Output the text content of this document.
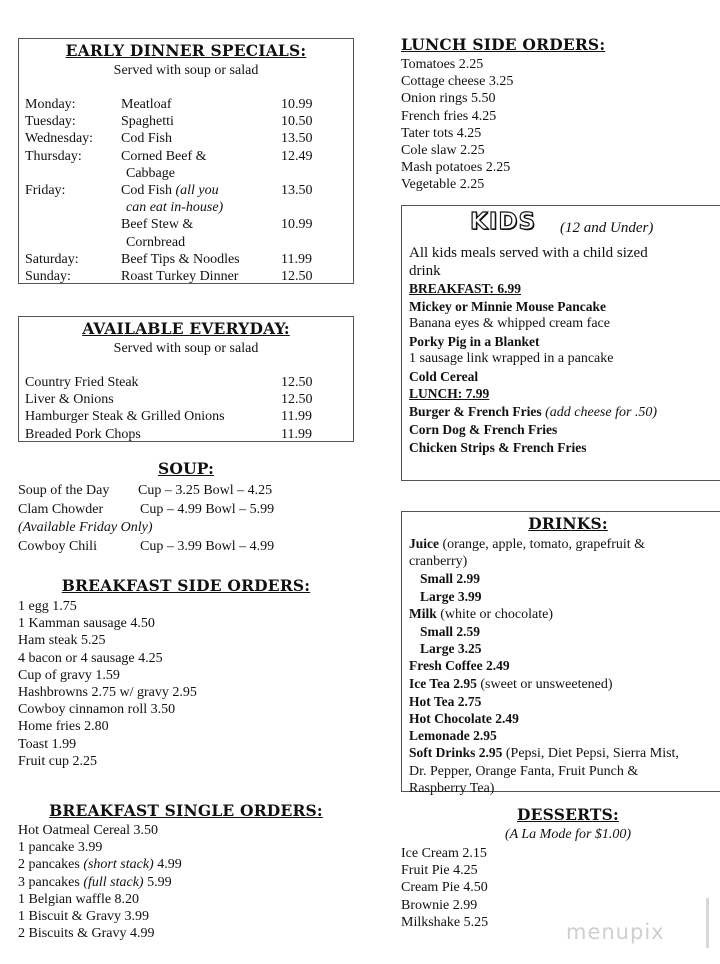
EARLY DINNER SPECIALS:
Served with soup or salad
Monday:	Meatloaf	10.99
Tuesday:	Spaghetti	10.50
Wednesday: Cod Fish	13.50
Thursday:	Corned Beef &	12.49
Cabbage
Friday:	Cod Fish (all you	13.50
can eat in-house)
Beef Stew &	10.99
Cornbread
Saturday:	Beef Tips & Noodles	11.99
Sunday:	Roast Turkey Dinner	12.50
AVAILABLE EVERYDAY:
Served with soup or salad
Country Fried Steak	12.50
Liver & Onions	12.50
Hamburger Steak & Grilled Onions	11.99
Breaded Pork Chops	11.99
SOUP:
Soup of the Day Cup – 3.25 Bowl – 4.25
Clam Chowder	Cup – 4.99 Bowl – 5.99
(Available Friday Only)
Cowboy Chili	Cup – 3.99 Bowl – 4.99
BREAKFAST SIDE ORDERS:
1 egg 1.75
1 Kamman sausage 4.50
Ham steak 5.25
4 bacon or 4 sausage 4.25
Cup of gravy 1.59
Hashbrowns 2.75 w/ gravy 2.95
Cowboy cinnamon roll 3.50
Home fries 2.80
Toast 1.99
Fruit cup 2.25
BREAKFAST SINGLE ORDERS:
Hot Oatmeal Cereal 3.50
1 pancake 3.99
2 pancakes (short stack) 4.99
3 pancakes (full stack) 5.99
1 Belgian waffle 8.20
1 Biscuit & Gravy 3.99
2 Biscuits & Gravy 4.99
LUNCH SIDE ORDERS:
Tomatoes 2.25
Cottage cheese 3.25
Onion rings 5.50
French fries 4.25
Tater tots 4.25
Cole slaw 2.25
Mash potatoes 2.25
Vegetable 2.25
KIDS (12 and Under)
All kids meals served with a child sized
drink
BREAKFAST: 6.99
Mickey or Minnie Mouse Pancake
Banana eyes & whipped cream face
Porky Pig in a Blanket
1 sausage link wrapped in a pancake
Cold Cereal
LUNCH: 7.99
Burger & French Fries (add cheese for .50)
Corn Dog & French Fries
Chicken Strips & French Fries
DRINKS:
Juice (orange, apple, tomato, grapefruit &
cranberry)
Small 2.99
Large 3.99
Milk (white or chocolate)
Small 2.59
Large 3.25
Fresh Coffee 2.49
Ice Tea 2.95 (sweet or unsweetened)
Hot Tea 2.75
Hot Chocolate 2.49
Lemonade 2.95
Soft Drinks 2.95 (Pepsi, Diet Pepsi, Sierra Mist,
Dr. Pepper, Orange Fanta, Fruit Punch &
Raspberry Tea)
DESSERTS:
(A La Mode for $1.00)
Ice Cream 2.15
Fruit Pie 4.25
Cream Pie 4.50
Brownie 2.99
Milkshake 5.25	menupix
